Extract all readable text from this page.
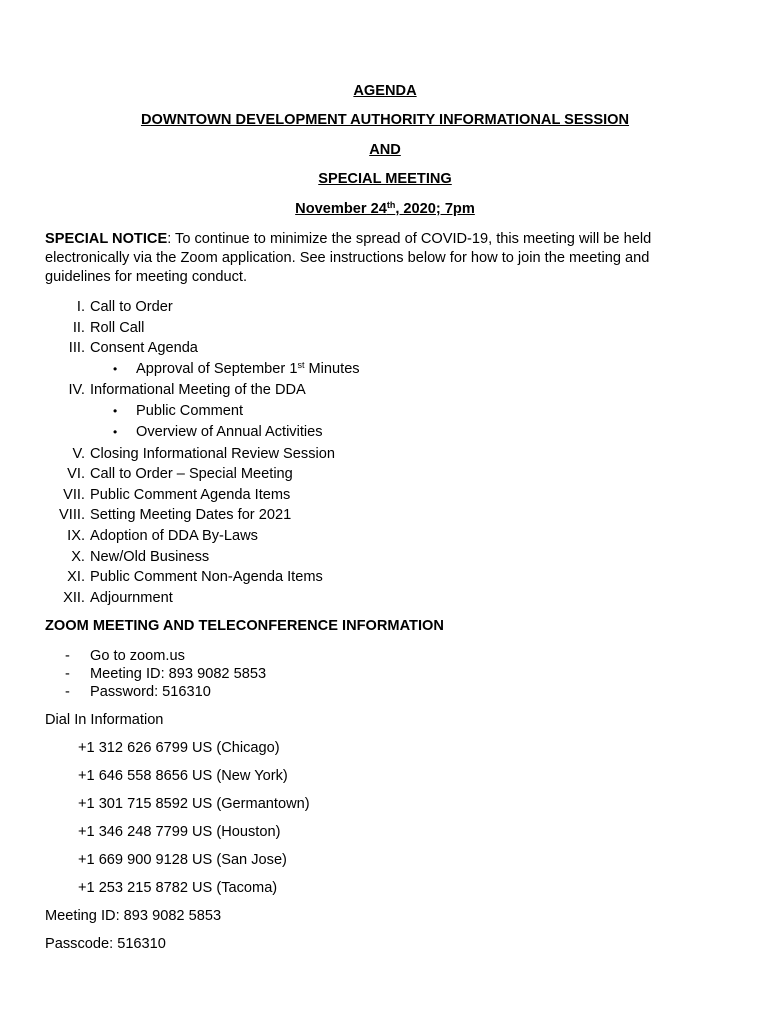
AGENDA

DOWNTOWN DEVELOPMENT AUTHORITY INFORMATIONAL SESSION

AND

SPECIAL MEETING

November 24th, 2020; 7pm

SPECIAL NOTICE: To continue to minimize the spread of COVID-19, this meeting will be held electronically via the Zoom application. See instructions below for how to join the meeting and guidelines for meeting conduct.

I. Call to Order
II. Roll Call
III. Consent Agenda
• Approval of September 1st Minutes
IV. Informational Meeting of the DDA
• Public Comment
• Overview of Annual Activities
V. Closing Informational Review Session
VI. Call to Order – Special Meeting
VII. Public Comment Agenda Items
VIII. Setting Meeting Dates for 2021
IX. Adoption of DDA By-Laws
X. New/Old Business
XI. Public Comment Non-Agenda Items
XII. Adjournment

ZOOM MEETING AND TELECONFERENCE INFORMATION

- Go to zoom.us
- Meeting ID: 893 9082 5853
- Password: 516310

Dial In Information

+1 312 626 6799 US (Chicago)

+1 646 558 8656 US (New York)

+1 301 715 8592 US (Germantown)

+1 346 248 7799 US (Houston)

+1 669 900 9128 US (San Jose)

+1 253 215 8782 US (Tacoma)

Meeting ID: 893 9082 5853

Passcode: 516310
